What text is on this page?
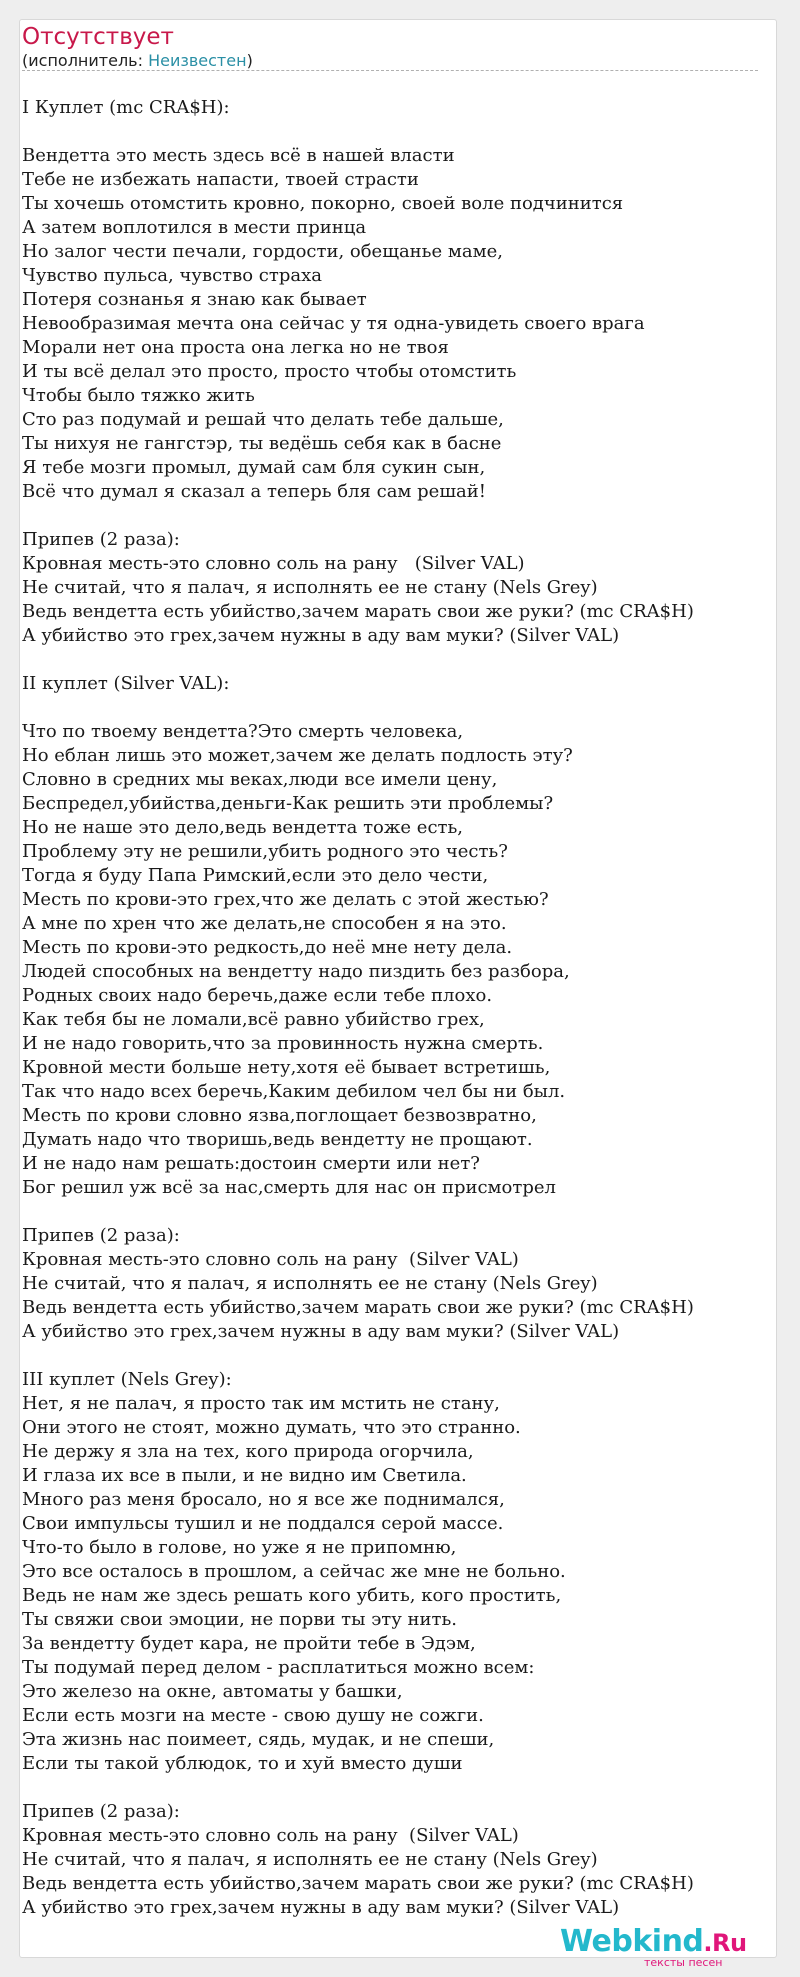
Отсутствует
(исполнитель: Неизвестен)
I Куплет (mc CRA$H):
Вендетта это месть здесь всё в нашей власти
Тебе не избежать напасти, твоей страсти
Ты хочешь отомстить кровно, покорно, своей воле подчинится
А затем воплотился в мести принца
Но залог чести печали, гордости, обещанье маме,
Чувство пульса, чувство страха
Потеря сознанья я знаю как бывает
Невообразимая мечта она сейчас у тя одна-увидеть своего врага
Морали нет она проста она легка но не твоя
И ты всё делал это просто, просто чтобы отомстить
Чтобы было тяжко жить
Сто раз подумай и решай что делать тебе дальше,
Ты нихуя не гангстэр, ты ведёшь себя как в басне
Я тебе мозги промыл, думай сам бля сукин сын,
Всё что думал я сказал а теперь бля сам решай!
Припев (2 раза):
Кровная месть-это словно соль на рану   (Silver VAL)
Не считай, что я палач, я исполнять ее не стану (Nels Grey)
Ведь вендетта есть убийство,зачем марать свои же руки? (mc CRA$H)
А убийство это грех,зачем нужны в аду вам муки? (Silver VAL)
II куплет (Silver VAL):
Что по твоему вендетта?Это смерть человека,
Но еблан лишь это может,зачем же делать подлость эту?
Словно в средних мы веках,люди все имели цену,
Беспредел,убийства,деньги-Как решить эти проблемы?
Но не наше это дело,ведь вендетта тоже есть,
Проблему эту не решили,убить родного это честь?
Тогда я буду Папа Римский,если это дело чести,
Месть по крови-это грех,что же делать с этой жестью?
А мне по хрен что же делать,не способен я на это.
Месть по крови-это редкость,до неё мне нету дела.
Людей способных на вендетту надо пиздить без разбора,
Родных своих надо беречь,даже если тебе плохо.
Как тебя бы не ломали,всё равно убийство грех,
И не надо говорить,что за провинность нужна смерть.
Кровной мести больше нету,хотя её бывает встретишь,
Так что надо всех беречь,Каким дебилом чел бы ни был.
Месть по крови словно язва,поглощает безвозвратно,
Думать надо что творишь,ведь вендетту не прощают.
И не надо нам решать:достоин смерти или нет?
Бог решил уж всё за нас,смерть для нас он присмотрел
Припев (2 раза):
Кровная месть-это словно соль на рану  (Silver VAL)
Не считай, что я палач, я исполнять ее не стану (Nels Grey)
Ведь вендетта есть убийство,зачем марать свои же руки? (mc CRA$H)
А убийство это грех,зачем нужны в аду вам муки? (Silver VAL)
III куплет (Nels Grey):
Нет, я не палач, я просто так им мстить не стану,
Они этого не стоят, можно думать, что это странно.
Не держу я зла на тех, кого природа огорчила,
И глаза их все в пыли, и не видно им Светила.
Много раз меня бросало, но я все же поднимался,
Свои импульсы тушил и не поддался серой массе.
Что-то было в голове, но уже я не припомню,
Это все осталось в прошлом, а сейчас же мне не больно.
Ведь не нам же здесь решать кого убить, кого простить,
Ты свяжи свои эмоции, не порви ты эту нить.
За вендетту будет кара, не пройти тебе в Эдэм,
Ты подумай перед делом - расплатиться можно всем:
Это железо на окне, автоматы у башки,
Если есть мозги на месте - свою душу не сожги.
Эта жизнь нас поимеет, сядь, мудак, и не спеши,
Если ты такой ублюдок, то и хуй вместо души
Припев (2 раза):
Кровная месть-это словно соль на рану  (Silver VAL)
Не считай, что я палач, я исполнять ее не стану (Nels Grey)
Ведь вендетта есть убийство,зачем марать свои же руки? (mc CRA$H)
А убийство это грех,зачем нужны в аду вам муки? (Silver VAL)
Webkind.Ru
тексты песен
